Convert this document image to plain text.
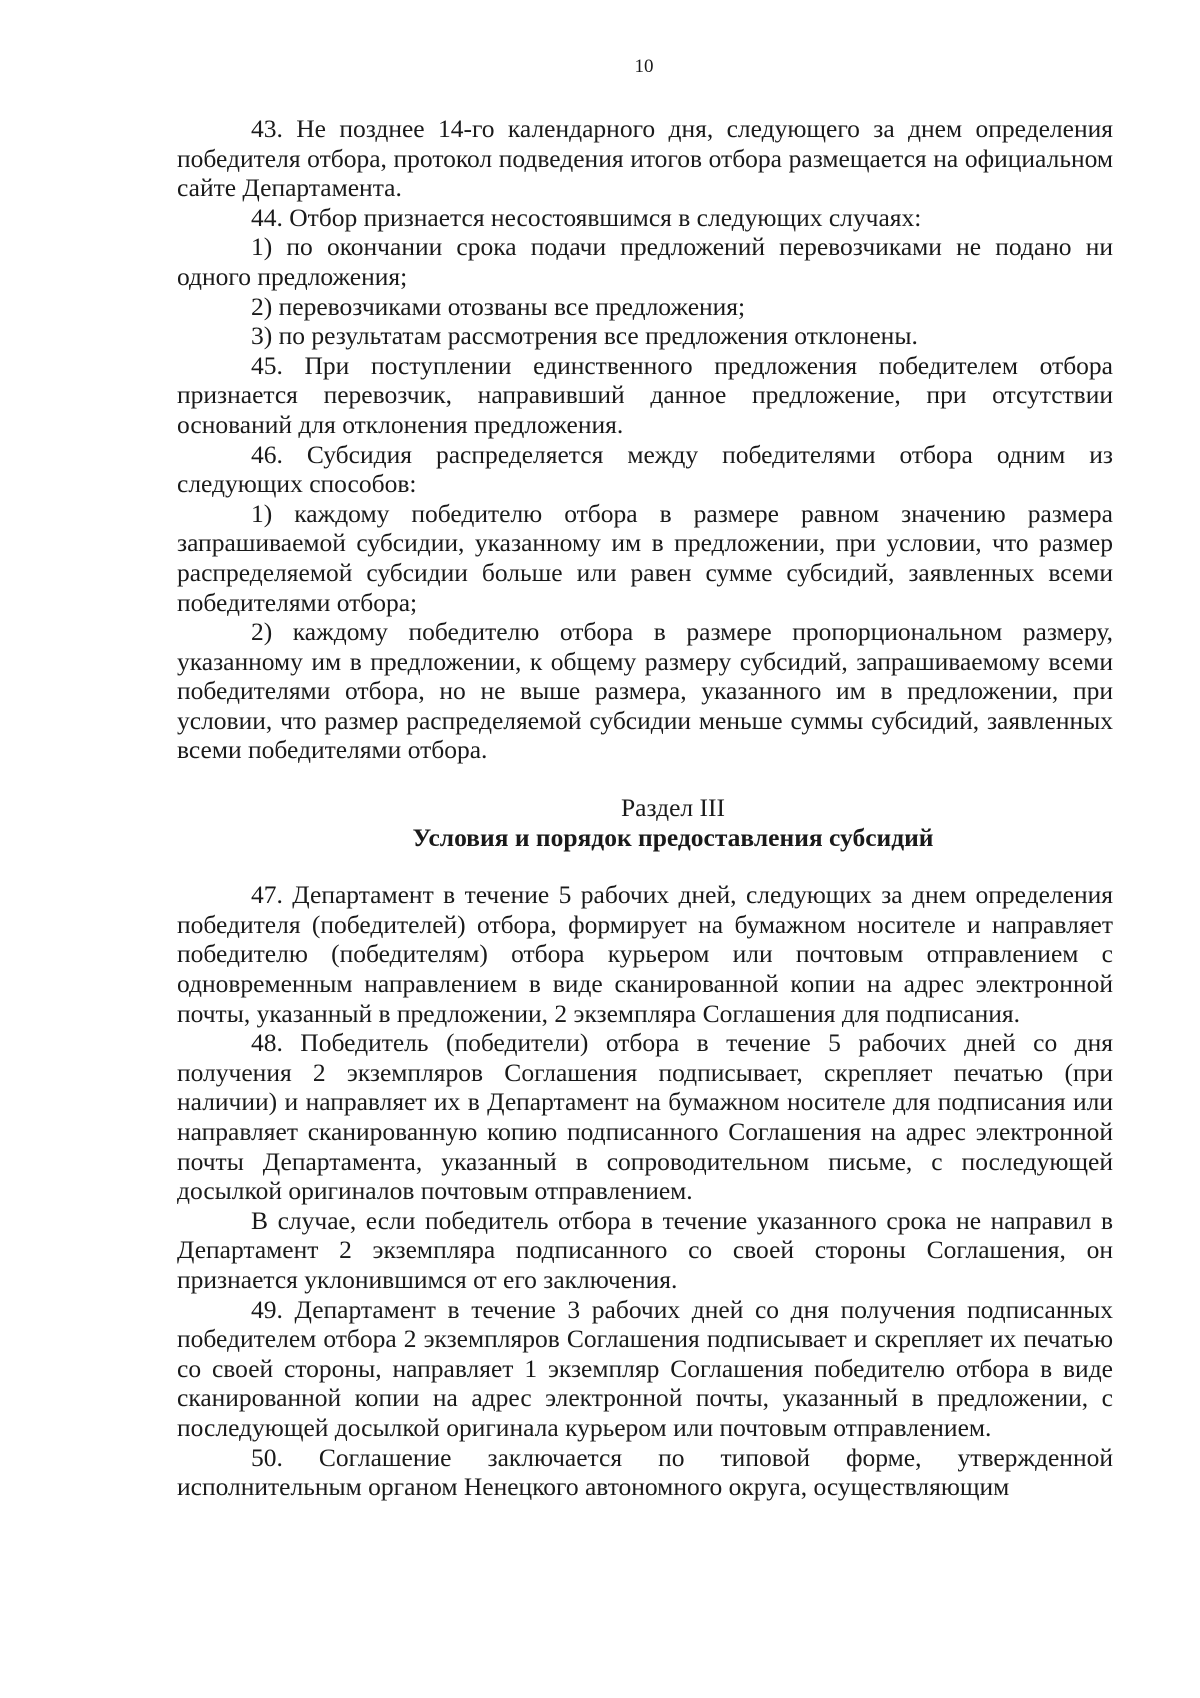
10

43. Не позднее 14-го календарного дня, следующего за днем определения победителя отбора, протокол подведения итогов отбора размещается на официальном сайте Департамента.

44. Отбор признается несостоявшимся в следующих случаях:

1) по окончании срока подачи предложений перевозчиками не подано ни одного предложения;

2) перевозчиками отозваны все предложения;

3) по результатам рассмотрения все предложения отклонены.

45. При поступлении единственного предложения победителем отбора признается перевозчик, направивший данное предложение, при отсутствии оснований для отклонения предложения.

46. Субсидия распределяется между победителями отбора одним из следующих способов:

1) каждому победителю отбора в размере равном значению размера запрашиваемой субсидии, указанному им в предложении, при условии, что размер распределяемой субсидии больше или равен сумме субсидий, заявленных всеми победителями отбора;

2) каждому победителю отбора в размере пропорциональном размеру, указанному им в предложении, к общему размеру субсидий, запрашиваемому всеми победителями отбора, но не выше размера, указанного им в предложении, при условии, что размер распределяемой субсидии меньше суммы субсидий, заявленных всеми победителями отбора.

Раздел III
Условия и порядок предоставления субсидий

47. Департамент в течение 5 рабочих дней, следующих за днем определения победителя (победителей) отбора, формирует на бумажном носителе и направляет победителю (победителям) отбора курьером или почтовым отправлением с одновременным направлением в виде сканированной копии на адрес электронной почты, указанный в предложении, 2 экземпляра Соглашения для подписания.

48. Победитель (победители) отбора в течение 5 рабочих дней со дня получения 2 экземпляров Соглашения подписывает, скрепляет печатью (при наличии) и направляет их в Департамент на бумажном носителе для подписания или направляет сканированную копию подписанного Соглашения на адрес электронной почты Департамента, указанный в сопроводительном письме, с последующей досылкой оригиналов почтовым отправлением.

В случае, если победитель отбора в течение указанного срока не направил в Департамент 2 экземпляра подписанного со своей стороны Соглашения, он признается уклонившимся от его заключения.

49. Департамент в течение 3 рабочих дней со дня получения подписанных победителем отбора 2 экземпляров Соглашения подписывает и скрепляет их печатью со своей стороны, направляет 1 экземпляр Соглашения победителю отбора в виде сканированной копии на адрес электронной почты, указанный в предложении, с последующей досылкой оригинала курьером или почтовым отправлением.

50. Соглашение заключается по типовой форме, утвержденной исполнительным органом Ненецкого автономного округа, осуществляющим
